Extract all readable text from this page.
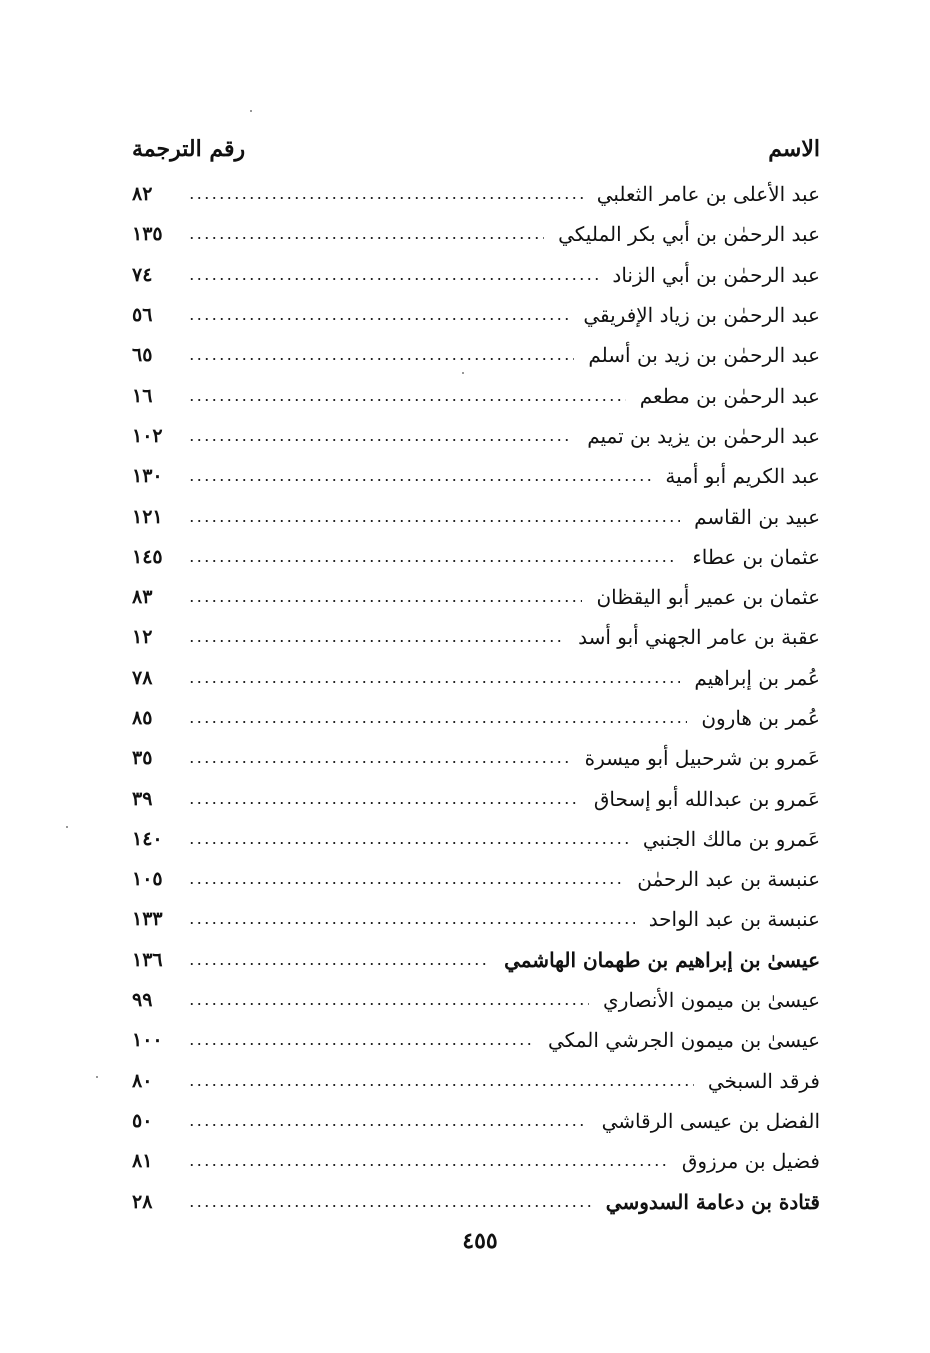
الاسم
رقم الترجمة
عبد الأعلى بن عامر الثعلبي
٨٢
عبد الرحمٰن بن أبي بكر المليكي
١٣٥
عبد الرحمٰن بن أبي الزناد
٧٤
عبد الرحمٰن بن زياد الإفريقي
٥٦
عبد الرحمٰن بن زيد بن أسلم
٦٥
عبد الرحمٰن بن مطعم
١٦
عبد الرحمٰن بن يزيد بن تميم
١٠٢
عبد الكريم أبو أمية
١٣٠
عبيد بن القاسم
١٢١
عثمان بن عطاء
١٤٥
عثمان بن عمير أبو اليقظان
٨٣
عقبة بن عامر الجهني أبو أسد
١٢
عُمر بن إبراهيم
٧٨
عُمر بن هارون
٨٥
عَمرو بن شرحبيل أبو ميسرة
٣٥
عَمرو بن عبدالله أبو إسحاق
٣٩
عَمرو بن مالك الجنبي
١٤٠
عنبسة بن عبد الرحمٰن
١٠٥
عنبسة بن عبد الواحد
١٣٣
عيسىٰ بن إبراهيم بن طهمان الهاشمي
١٣٦
عيسىٰ بن ميمون الأنصاري
٩٩
عيسىٰ بن ميمون الجرشي المكي
١٠٠
فرقد السبخي
٨٠
الفضل بن عيسى الرقاشي
٥٠
فضيل بن مرزوق
٨١
قتادة بن دعامة السدوسي
٢٨
٤٥٥
